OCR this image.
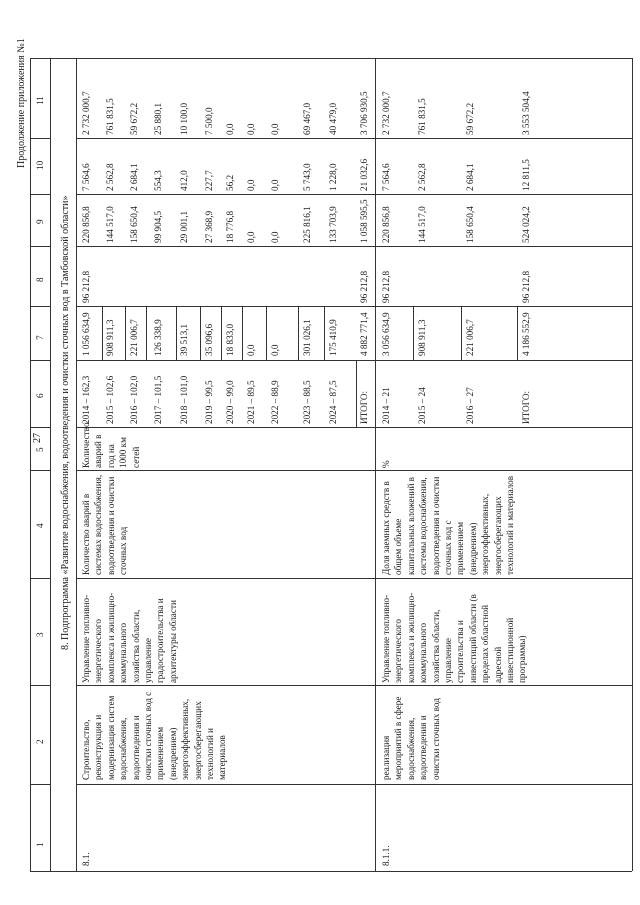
27
Продолжение приложения №1
8. Подпрограмма «Развитие водоснабжения, водоотведения и очистки сточных вод в Тамбовской области»
1
2
3
4
5
6
7
8
9
10
11
8.1.
Строительство, реконструкция и модернизация систем водоснабжения, водоотведения и очистки сточных вод с применением (внедрением) энергоэффективных, энергосберегающих технологий и материалов
Управление топливно-энергетического комплекса и жилищно-коммунального хозяйства области, управление градостроительства и архитектуры области
Количество аварий в системах водоснабжения, водоотведения и очистки сточных вод
Количество аварий в год на 1000 км сетей
2014 – 162,3
1 056 634,9
96 212,8
220 856,8
7 564,6
2 732 000,7
2015 – 102,6
908 911,3
144 517,0
2 562,8
761 831,5
2016 – 102,0
221 006,7
158 650,4
2 684,1
59 672,2
2017 – 101,5
126 338,9
99 904,5
554,3
25 880,1
2018 – 101,0
39 513,1
29 001,1
412,0
10 100,0
2019 – 99,5
35 096,6
27 368,9
227,7
7 500,0
2020 – 99,0
18 833,0
18 776,8
56,2
0,0
2021 – 89,5
0,0
0,0
0,0
0,0
2022 – 88,9
0,0
0,0
0,0
0,0
2023 – 88,5
301 026,1
225 816,1
5 743,0
69 467,0
2024 – 87,5
175 410,9
133 703,9
1 228,0
40 479,0
ИТОГО:
4 882 771,4
96 212,8
1 058 595,5
21 032,6
3 706 930,5
8.1.1.
реализация мероприятий в сфере водоснабжения, водоотведения и очистки сточных вод
Управление топливно-энергетического комплекса и жилищно-коммунального хозяйства области, управление строительства и инвестиций области (в пределах областной адресной инвестиционной программы)
Доля заемных средств в общем объеме капитальных вложений в системы водоснабжения, водоотведения и очистки сточных вод с применением (внедрением) энергоэффективных, энергосберегающих технологий и материалов
%
2014 – 21
3 056 634,9
96 212,8
220 856,8
7 564,6
2 732 000,7
2015 – 24
908 911,3
144 517,0
2 562,8
761 831,5
2016 – 27
221 006,7
158 650,4
2 684,1
59 672,2
ИТОГО:
4 186 552,9
96 212,8
524 024,2
12 811,5
3 553 504,4
